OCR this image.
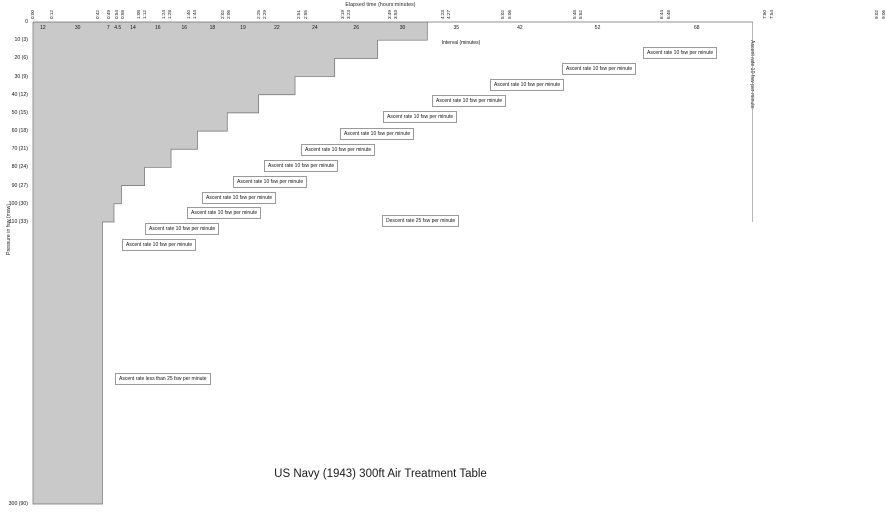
Elapsed time (hours:minutes)
Pressure in fsw (msw)
Ascent rate 10 fsw per minute
0
10 (3)
20 (6)
30 (9)
40 (12)
50 (15)
60 (18)
70 (21)
80 (24)
90 (27)
100 (30)
110 (33)
300 (90)
0:00	0:12	0:42 0:49 0:54 0:58 1:08 1:12	1:24 1:28	1:40 1:44	2:02 2:06	2:25 2:29	2:51 2:55	3:19 3:23	3:49 3:53	4:23 4:27	5:02 5:06	5:48 5:52	6:44 6:48	7:50 7:54	9:02 9:06
12	30	7 4.5 14	16	16	18	19	22	24	26	30	35	42	52	68
Interval (minutes)
Ascent rate less than 25 fsw per minute
Descent rate 25 fsw per minute
Ascent rate 10 fsw per minute
Ascent rate 10 fsw per minute
Ascent rate 10 fsw per minute
Ascent rate 10 fsw per minute
Ascent rate 10 fsw per minute
Ascent rate 10 fsw per minute
Ascent rate 10 fsw per minute
Ascent rate 10 fsw per minute
Ascent rate 10 fsw per minute
Ascent rate 10 fsw per minute
Ascent rate 10 fsw per minute
Ascent rate 10 fsw per minute
Ascent rate 10 fsw per minute
US Navy (1943) 300ft Air Treatment Table
